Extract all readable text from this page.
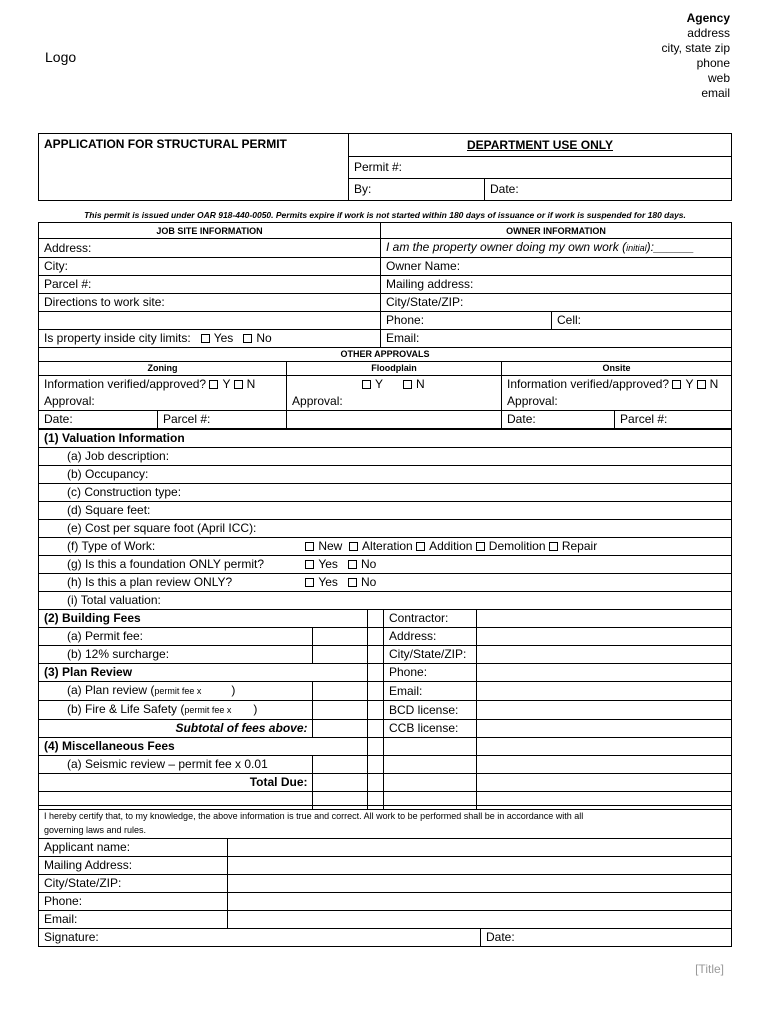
Logo
Agency
address
city, state zip
phone
web
email
APPLICATION FOR STRUCTURAL PERMIT	DEPARTMENT USE ONLY	
	Permit #:	
	By:	Date:
This permit is issued under OAR 918-440-0050. Permits expire if work is not started within 180 days of issuance or if work is suspended for 180 days.
JOB SITE INFORMATION	OWNER INFORMATION	
Address:	I am the property owner doing my own work (initial):______	
City:	Owner Name:	
Parcel #:	Mailing address:	
Directions to work site:	City/State/ZIP:	
	Phone:	Cell:
Is property inside city limits: Yes No	Email:	
OTHER APPROVALS				
Zoning		Floodplain	Onsite	
Information verified/approved? Y N		Y N	Information verified/approved? Y N	
Approval:		Approval:	Approval:	
Date:	Parcel #:		Date:	Parcel #:
(1) Valuation Information
(a) Job description:
(b) Occupancy:
(c) Construction type:
(d) Square feet:
(e) Cost per square foot (April ICC):
(f) Type of Work:	New Alteration Addition Demolition Repair
(g) Is this a foundation ONLY permit?	Yes No
(h) Is this a plan review ONLY?	Yes No
(i) Total valuation:
(2) Building Fees			Contractor:	
(a) Permit fee:			Address:	
(b) 12% surcharge:			City/State/ZIP:	
(3) Plan Review			Phone:	
(a) Plan review (permit fee x )			Email:	
(b) Fire & Life Safety (permit fee x )			BCD license:	
Subtotal of fees above:			CCB license:	
(4) Miscellaneous Fees				
(a) Seismic review – permit fee x 0.01				
Total Due:				

I hereby certify that, to my knowledge, the above information is true and correct. All work to be performed shall be in accordance with all
governing laws and rules.		
Applicant name:		
Mailing Address:		
City/State/ZIP:		
Phone:		
Email:		
Signature:		Date:
[Title]
